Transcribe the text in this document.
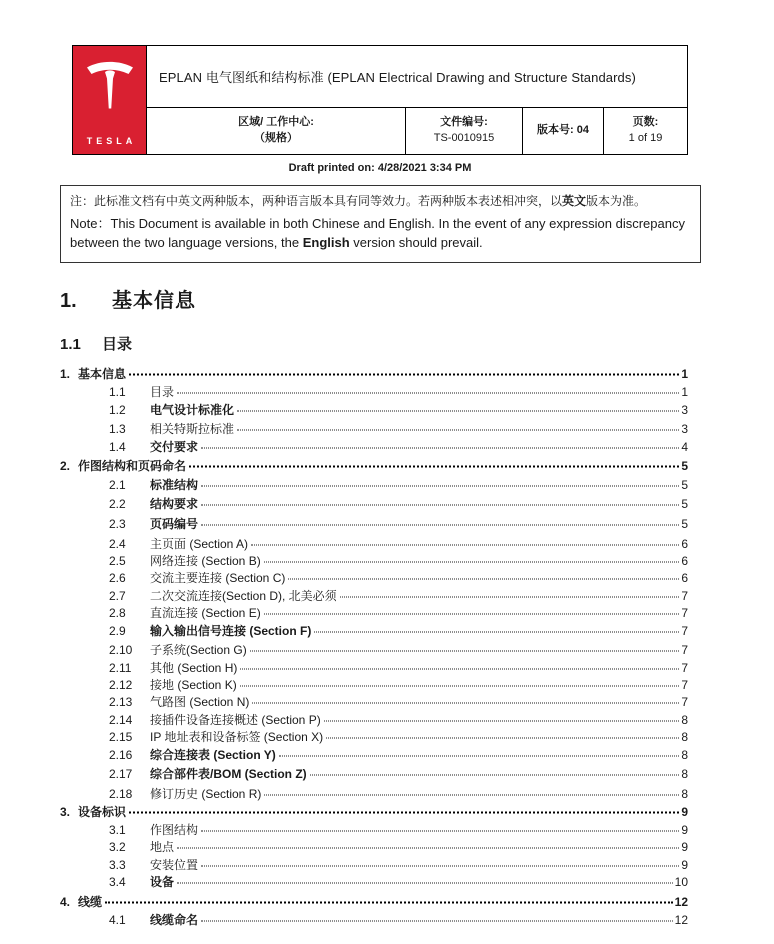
TESLA
EPLAN 电气图纸和结构标准 (EPLAN Electrical Drawing and Structure Standards)
区域/ 工作中心:
（规格）
文件编号:
TS-0010915
版本号: 04
页数:
1 of 19
Draft printed on: 4/28/2021 3:34 PM
注：此标准文档有中英文两种版本，两种语言版本具有同等效力。若两种版本表述相冲突，以英文版本为准。
Note：This Document is available in both Chinese and English. In the event of any expression discrepancy between the two language versions, the English version should prevail.
1.	基本信息
1.1	目录
1. 基本信息	1
1.1	目录	1
1.2	电气设计标准化	3
1.3	相关特斯拉标准	3
1.4	交付要求	4
2. 作图结构和页码命名	5
2.1	标准结构	5
2.2	结构要求	5
2.3	页码编号	5
2.4	主页面 (Section A)	6
2.5	网络连接 (Section B)	6
2.6	交流主要连接 (Section C)	6
2.7	二次交流连接(Section D), 北美必须	7
2.8	直流连接 (Section E)	7
2.9	输入输出信号连接 (Section F)	7
2.10	子系统(Section G)	7
2.11	其他 (Section H)	7
2.12	接地 (Section K)	7
2.13	气路图 (Section N)	7
2.14	接插件设备连接概述 (Section P)	8
2.15	IP 地址表和设备标签 (Section X)	8
2.16	综合连接表 (Section Y)	8
2.17	综合部件表/BOM (Section Z)	8
2.18	修订历史 (Section R)	8
3. 设备标识	9
3.1	作图结构	9
3.2	地点	9
3.3	安装位置	9
3.4	设备	10
4. 线缆	12
4.1	线缆命名	12
